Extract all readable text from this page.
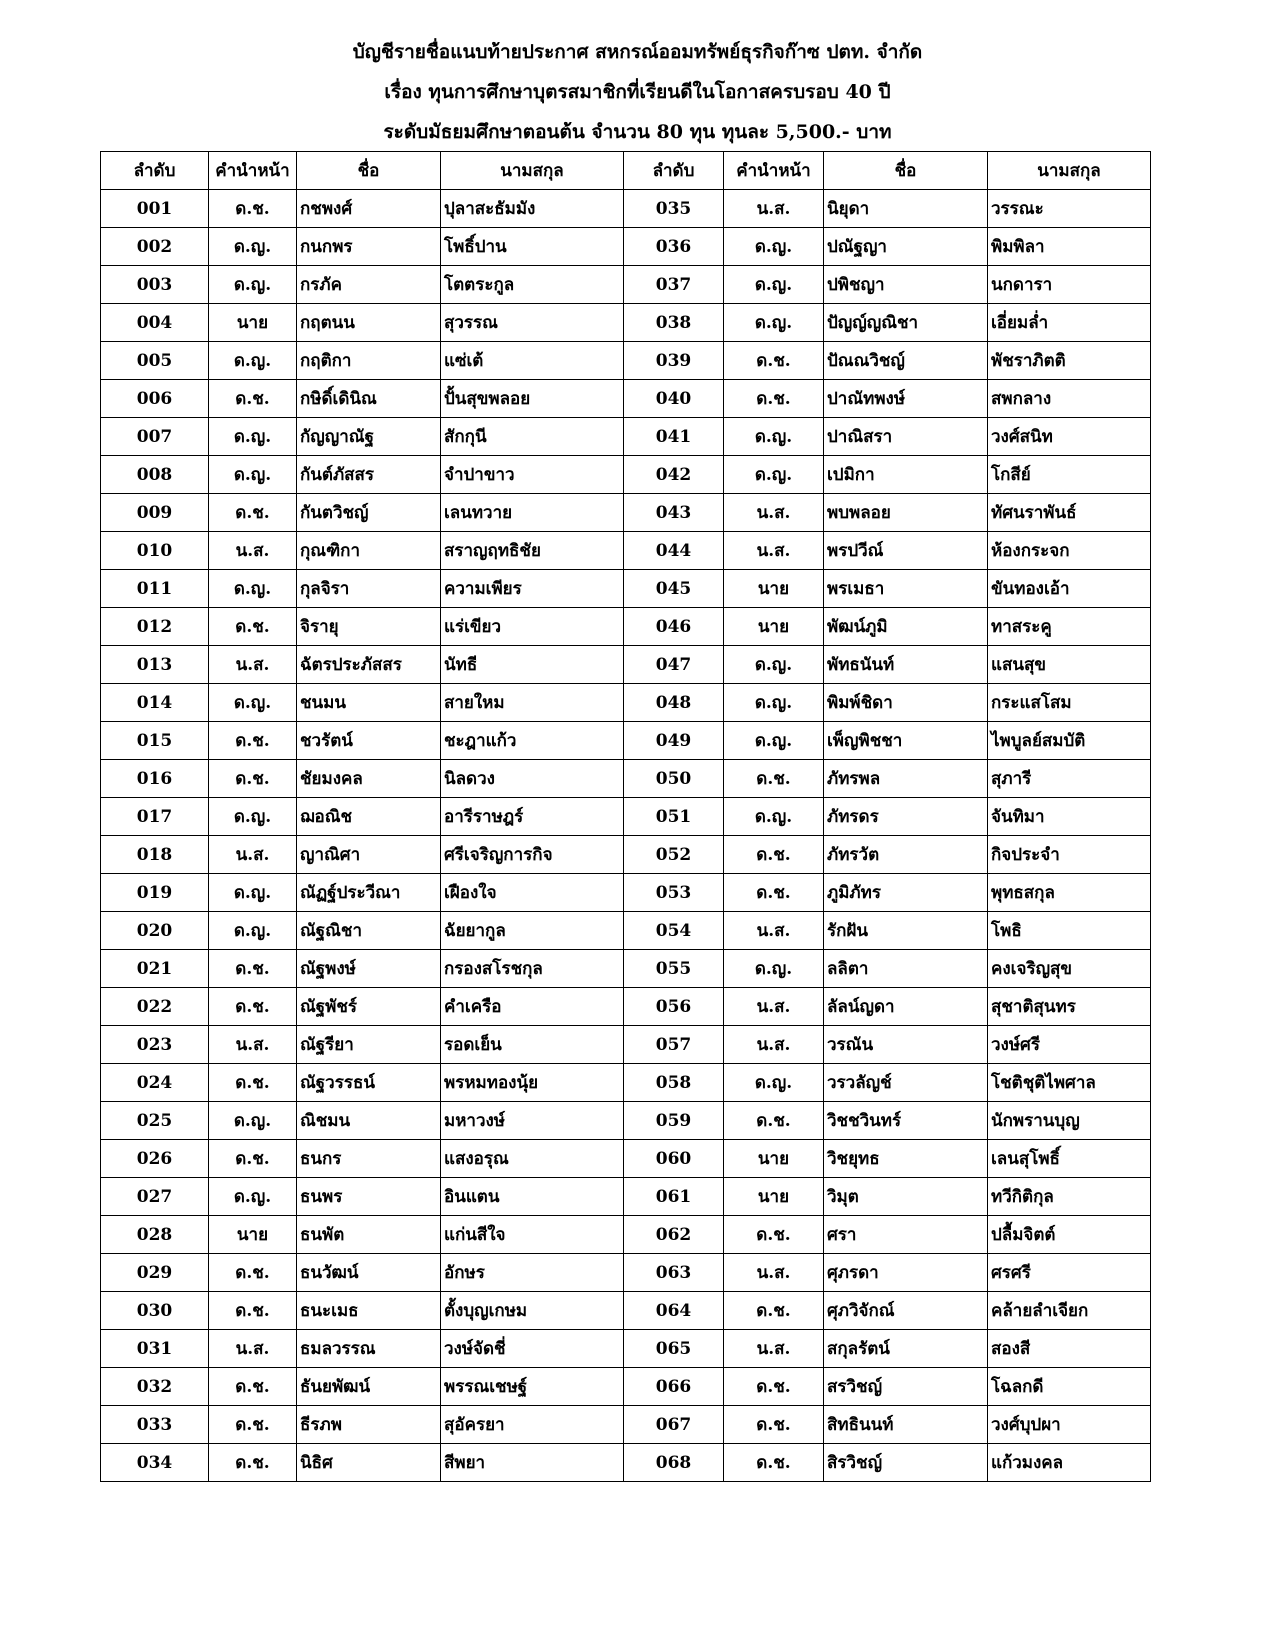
บัญชีรายชื่อแนบท้ายประกาศ สหกรณ์ออมทรัพย์ธุรกิจก๊าซ ปตท. จำกัด
เรื่อง ทุนการศึกษาบุตรสมาชิกที่เรียนดีในโอกาสครบรอบ 40 ปี
ระดับมัธยมศึกษาตอนต้น จำนวน 80 ทุน ทุนละ 5,500.- บาท
ลำดับ	คำนำหน้า	ชื่อ	นามสกุล	ลำดับ	คำนำหน้า	ชื่อ	นามสกุล
001	ด.ช.	กชพงศ์	ปุลาสะธัมมัง	035	น.ส.	นิยุดา	วรรณะ
002	ด.ญ.	กนกพร	โพธิ์ปาน	036	ด.ญ.	ปณัฐญา	พิมพิลา
003	ด.ญ.	กรภัค	โตตระกูล	037	ด.ญ.	ปพิชญา	นกดารา
004	นาย	กฤตนน	สุวรรณ	038	ด.ญ.	ปัญญ์ญณิชา	เอี่ยมล่ำ
005	ด.ญ.	กฤติกา	แซ่เต้	039	ด.ช.	ปัณณวิชญ์	พัชราภิตติ
006	ด.ช.	กษิดิ์เดินิณ	ปั้นสุขพลอย	040	ด.ช.	ปาณัทพงษ์	สพกลาง
007	ด.ญ.	กัญญาณัฐ	สักกุนี	041	ด.ญ.	ปาณิสรา	วงศ์สนิท
008	ด.ญ.	กันต์ภัสสร	จำปาขาว	042	ด.ญ.	เปมิกา	โกสีย์
009	ด.ช.	กันตวิชญ์	เลนทวาย	043	น.ส.	พบพลอย	ทัศนราพันธ์
010	น.ส.	กุณฑิกา	สราญฤทธิชัย	044	น.ส.	พรปวีณ์	ห้องกระจก
011	ด.ญ.	กุลจิรา	ความเพียร	045	นาย	พรเมธา	ขันทองเอ้า
012	ด.ช.	จิรายุ	แร่เขียว	046	นาย	พัฒน์ภูมิ	ทาสระคู
013	น.ส.	ฉัตรประภัสสร	นัทธี	047	ด.ญ.	พัทธนันท์	แสนสุข
014	ด.ญ.	ชนมน	สายใหม	048	ด.ญ.	พิมพ์ชิดา	กระแสโสม
015	ด.ช.	ชวรัตน์	ชะฎาแก้ว	049	ด.ญ.	เพ็ญพิชชา	ไพบูลย์สมบัติ
016	ด.ช.	ชัยมงคล	นิลดวง	050	ด.ช.	ภัทรพล	สุภารี
017	ด.ญ.	ฌอณิช	อารีราษฎร์	051	ด.ญ.	ภัทรดร	จันทิมา
018	น.ส.	ญาณิศา	ศรีเจริญการกิจ	052	ด.ช.	ภัทรวัต	กิจประจำ
019	ด.ญ.	ณัฏฐ์ประวีณา	เฝืองใจ	053	ด.ช.	ภูมิภัทร	พุทธสกุล
020	ด.ญ.	ณัฐณิชา	ฉัยยากูล	054	น.ส.	รักฝัน	โพธิ
021	ด.ช.	ณัฐพงษ์	กรองสโรชกุล	055	ด.ญ.	ลลิตา	คงเจริญสุข
022	ด.ช.	ณัฐพัชร์	คำเครือ	056	น.ส.	ลัลน์ญดา	สุชาติสุนทร
023	น.ส.	ณัฐรียา	รอดเย็น	057	น.ส.	วรณัน	วงษ์ศรี
024	ด.ช.	ณัฐวรรธน์	พรหมทองนุ้ย	058	ด.ญ.	วรวลัญช์	โชติชุติไพศาล
025	ด.ญ.	ณิชมน	มหาวงษ์	059	ด.ช.	วิชชวินทร์	นักพรานบุญ
026	ด.ช.	ธนกร	แสงอรุณ	060	นาย	วิชยุทธ	เลนสุโพธิ์
027	ด.ญ.	ธนพร	อินแตน	061	นาย	วิมุต	ทวีกิติกุล
028	นาย	ธนพัต	แก่นสีใจ	062	ด.ช.	ศรา	ปลื้มจิตต์
029	ด.ช.	ธนวัฒน์	อักษร	063	น.ส.	ศุภรดา	ศรศรี
030	ด.ช.	ธนะเมธ	ตั้งบุญเกษม	064	ด.ช.	ศุภวิจักณ์	คล้ายลำเจียก
031	น.ส.	ธมลวรรณ	วงษ์จัดชี่	065	น.ส.	สกุลรัตน์	สองสี
032	ด.ช.	ธันยพัฒน์	พรรณเชษฐ์	066	ด.ช.	สรวิชญ์	โฉลกดี
033	ด.ช.	ธีรภพ	สุอัครยา	067	ด.ช.	สิทธินนท์	วงศ์บุปผา
034	ด.ช.	นิธิศ	สีพยา	068	ด.ช.	สิรวิชญ์	แก้วมงคล
